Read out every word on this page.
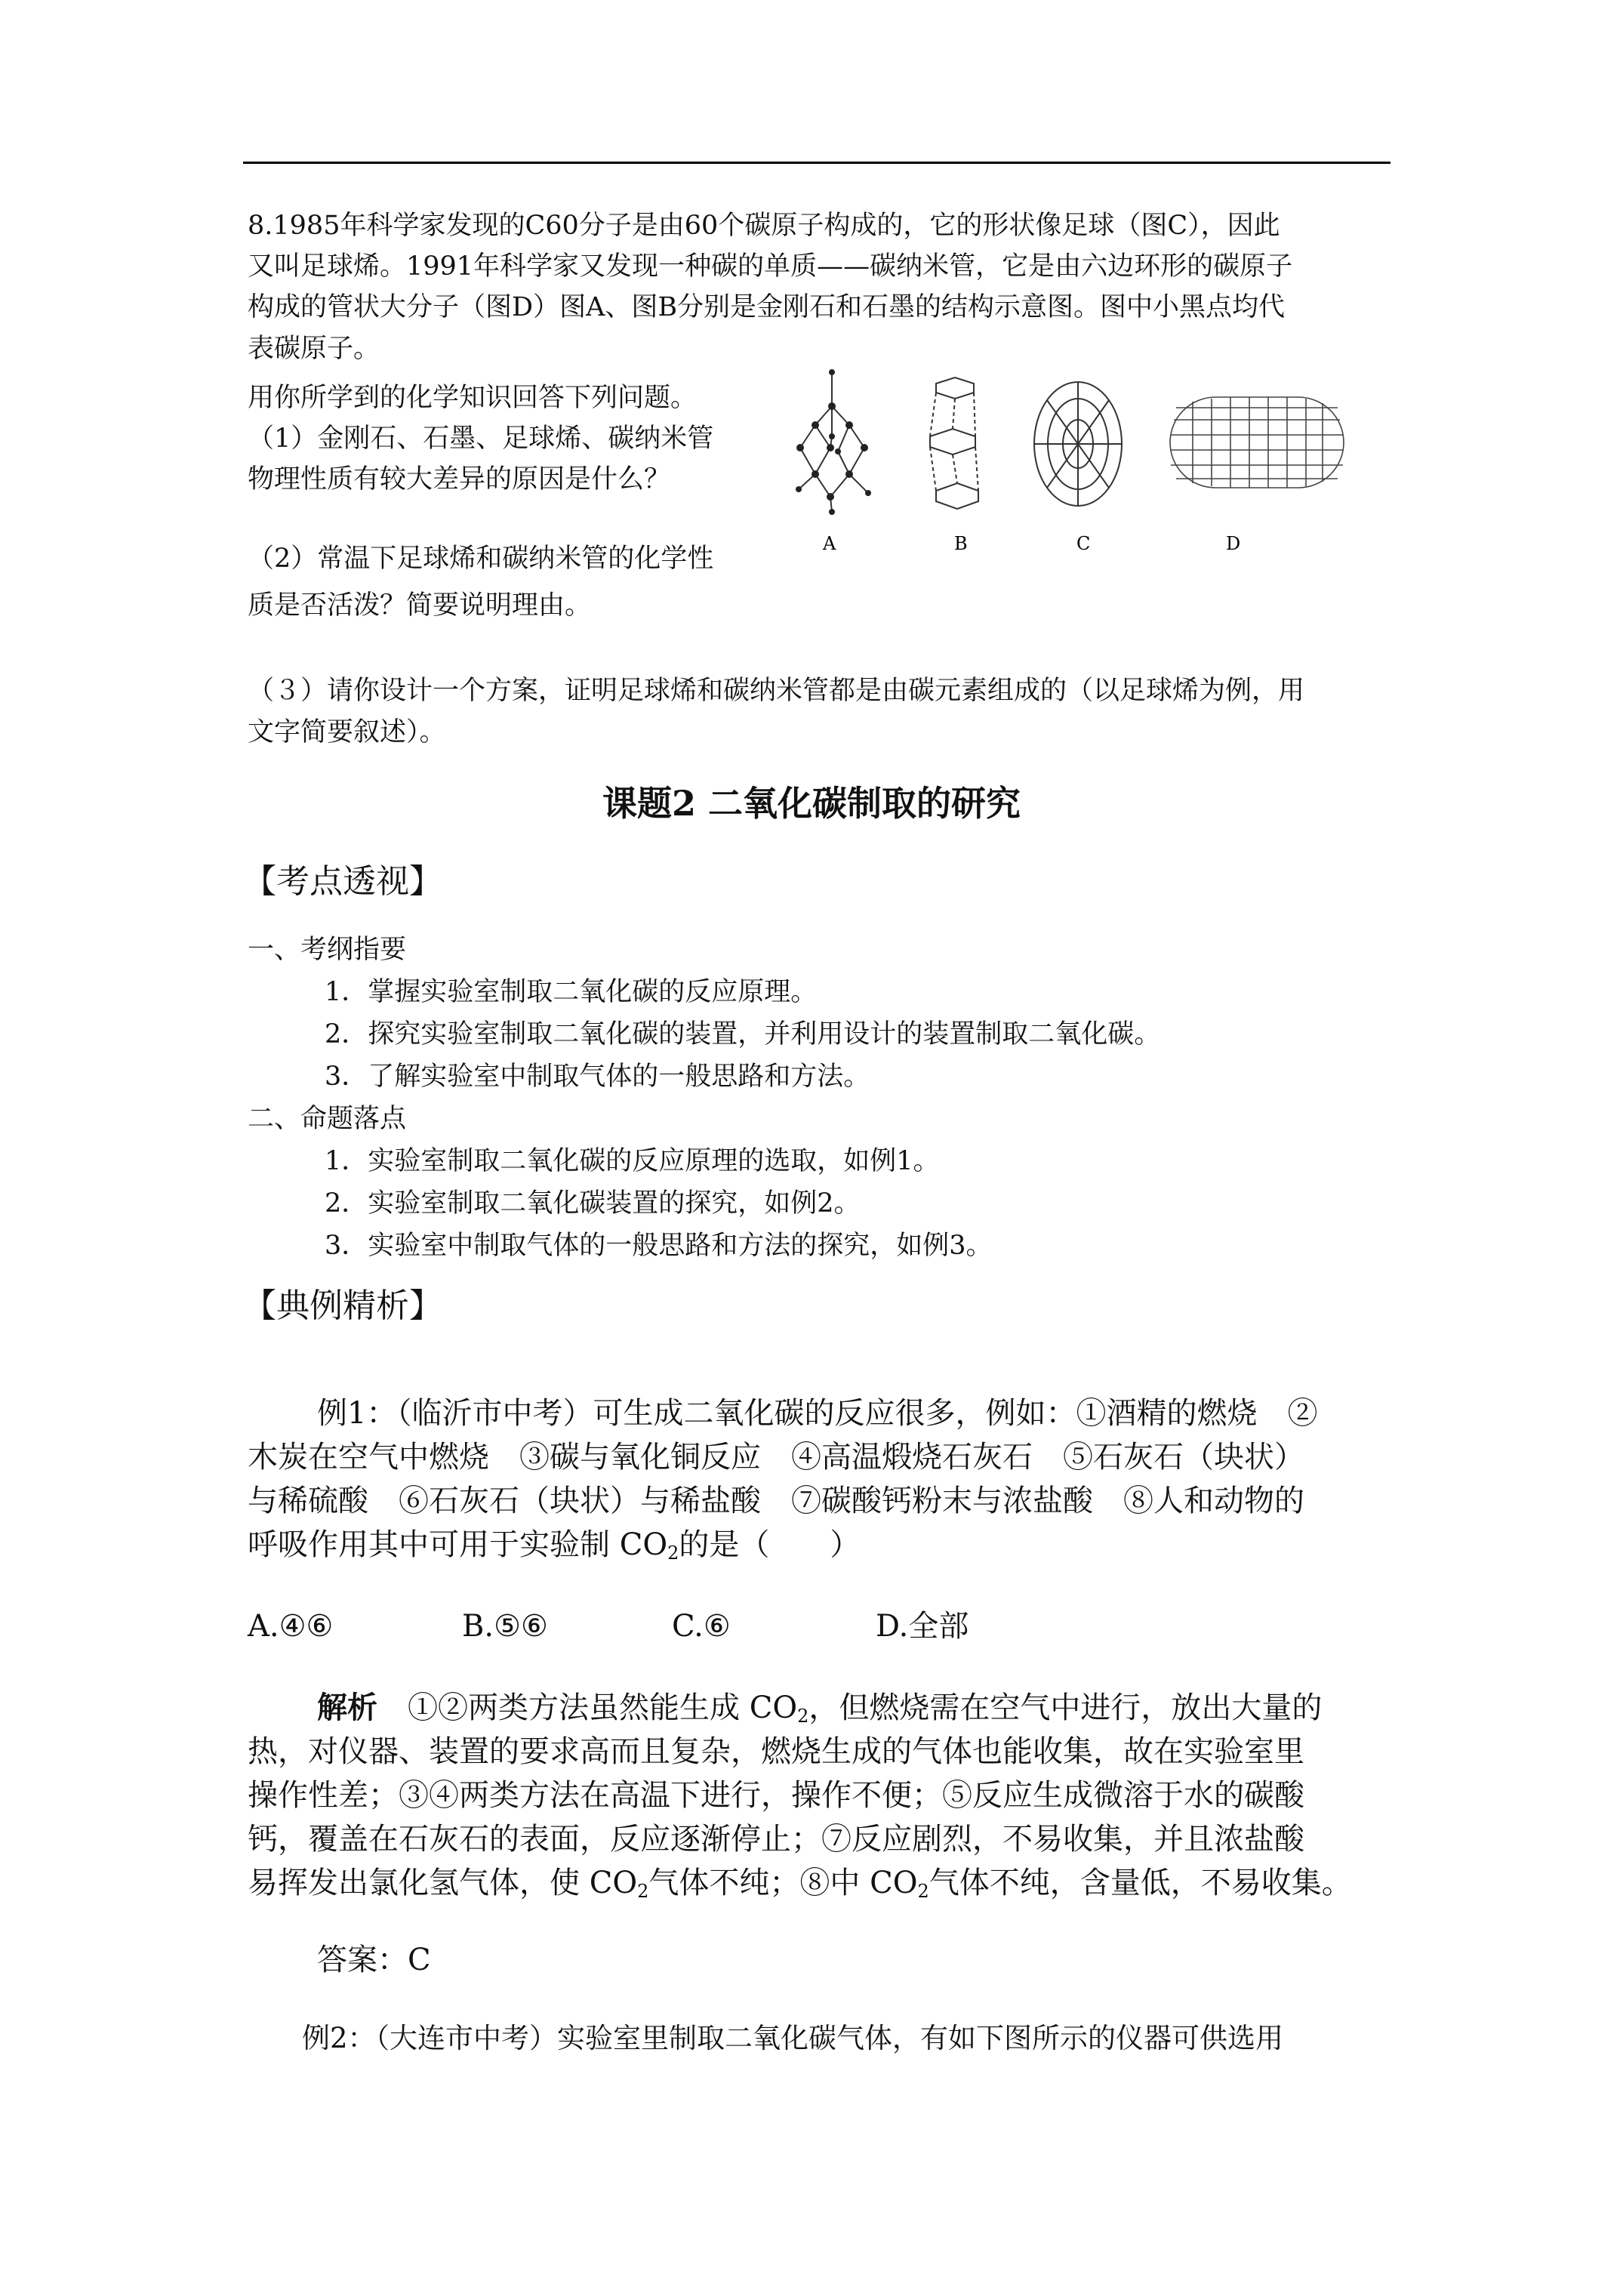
8.1985年科学家发现的C60分子是由60个碳原子构成的，它的形状像足球（图C），因此
又叫足球烯。1991年科学家又发现一种碳的单质——碳纳米管，它是由六边环形的碳原子
构成的管状大分子（图D）图A、图B分别是金刚石和石墨的结构示意图。图中小黑点均代
表碳原子。
用你所学到的化学知识回答下列问题。
（1）金刚石、石墨、足球烯、碳纳米管
物理性质有较大差异的原因是什么？
（2）常温下足球烯和碳纳米管的化学性
质是否活泼？简要说明理由。
（３）请你设计一个方案，证明足球烯和碳纳米管都是由碳元素组成的（以足球烯为例，用
文字简要叙述）。
A	B	C	D
课题2 二氧化碳制取的研究
【考点透视】
一、考纲指要
1．掌握实验室制取二氧化碳的反应原理。
2．探究实验室制取二氧化碳的装置，并利用设计的装置制取二氧化碳。
3．了解实验室中制取气体的一般思路和方法。
二、命题落点
1．实验室制取二氧化碳的反应原理的选取，如例1。
2．实验室制取二氧化碳装置的探究，如例2。
3．实验室中制取气体的一般思路和方法的探究，如例3。
【典例精析】
例1：（临沂市中考）可生成二氧化碳的反应很多，例如：①酒精的燃烧　②
木炭在空气中燃烧　③碳与氧化铜反应　④高温煅烧石灰石　⑤石灰石（块状）
与稀硫酸　⑥石灰石（块状）与稀盐酸　⑦碳酸钙粉末与浓盐酸　⑧人和动物的
呼吸作用其中可用于实验制 $CO_2$的是（　　）
A.④⑥	B.⑤⑥	C.⑥	D.全部
解析　①②两类方法虽然能生成 $CO_2$，但燃烧需在空气中进行，放出大量的
热，对仪器、装置的要求高而且复杂，燃烧生成的气体也能收集，故在实验室里
操作性差；③④两类方法在高温下进行，操作不便；⑤反应生成微溶于水的碳酸
钙，覆盖在石灰石的表面，反应逐渐停止；⑦反应剧烈，不易收集，并且浓盐酸
易挥发出氯化氢气体，使 $CO_2$气体不纯；⑧中 $CO_2$气体不纯，含量低，不易收集。
答案：C
例2：（大连市中考）实验室里制取二氧化碳气体，有如下图所示的仪器可供选用
